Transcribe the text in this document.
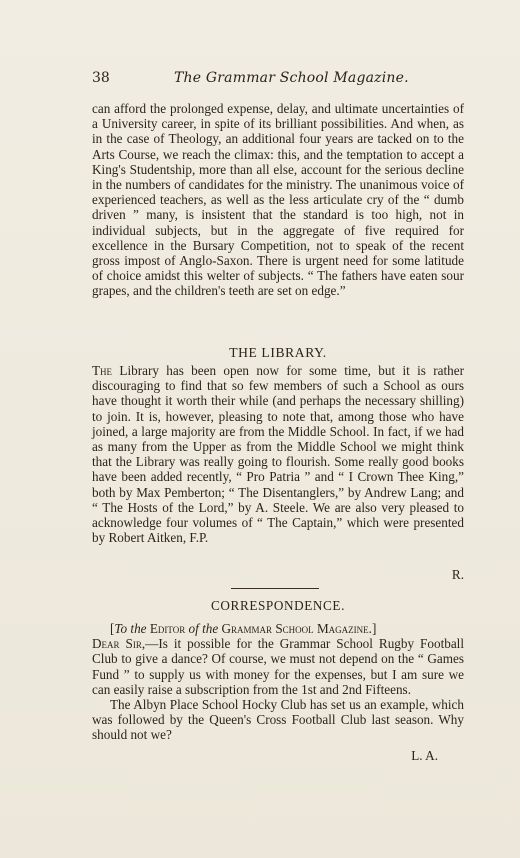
38	The Grammar School Magazine.

can afford the prolonged expense, delay, and ultimate uncertainties of a University career, in spite of its brilliant possibilities. And when, as in the case of Theology, an additional four years are tacked on to the Arts Course, we reach the climax: this, and the temptation to accept a King's Studentship, more than all else, account for the serious decline in the numbers of candidates for the ministry. The unanimous voice of experienced teachers, as well as the less articulate cry of the “ dumb driven ” many, is insistent that the standard is too high, not in individual subjects, but in the aggregate of five required for excellence in the Bursary Competition, not to speak of the recent gross impost of Anglo-Saxon. There is urgent need for some latitude of choice amidst this welter of subjects. “ The fathers have eaten sour grapes, and the children's teeth are set on edge.”

THE LIBRARY.

The Library has been open now for some time, but it is rather discouraging to find that so few members of such a School as ours have thought it worth their while (and perhaps the necessary shilling) to join. It is, however, pleasing to note that, among those who have joined, a large majority are from the Middle School. In fact, if we had as many from the Upper as from the Middle School we might think that the Library was really going to flourish. Some really good books have been added recently, “ Pro Patria ” and “ I Crown Thee King,” both by Max Pemberton; “ The Disentanglers,” by Andrew Lang; and “ The Hosts of the Lord,” by A. Steele. We are also very pleased to acknowledge four volumes of “ The Captain,” which were presented by Robert Aitken, F.P.

R.
CORRESPONDENCE.

[To the Editor of the Grammar School Magazine.]

Dear Sir,—Is it possible for the Grammar School Rugby Football Club to give a dance? Of course, we must not depend on the “ Games Fund ” to supply us with money for the expenses, but I am sure we can easily raise a subscription from the 1st and 2nd Fifteens.

The Albyn Place School Hocky Club has set us an example, which was followed by the Queen's Cross Football Club last season. Why should not we?

L. A.
